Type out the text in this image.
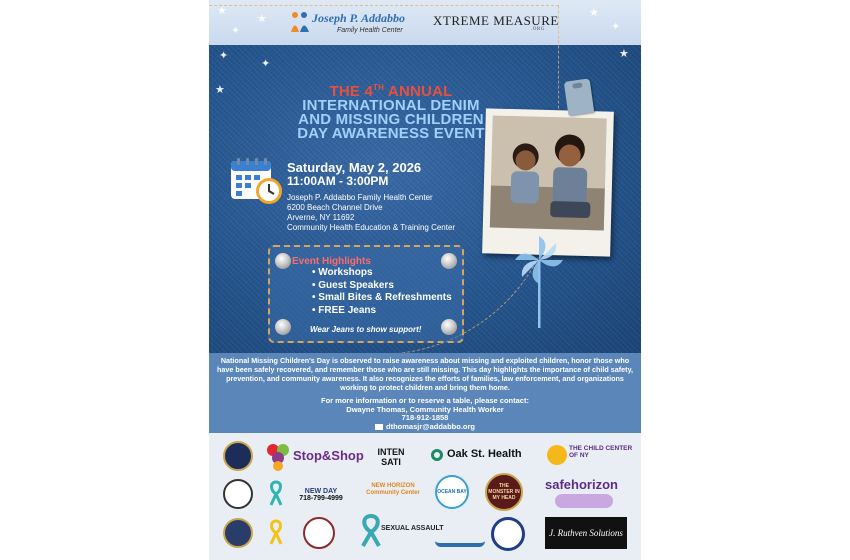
★
✦
★	★
✦
Joseph P. Addabbo
Family Health Center
XTREME MEASURE
.ORG
✦
✦
★
★
THE 4TH ANNUAL
INTERNATIONAL DENIM
AND MISSING CHILDREN
DAY AWARENESS EVENT
Saturday, May 2, 2026
11:00AM - 3:00PM
Joseph P. Addabbo Family Health Center
6200 Beach Channel Drive
Arverne, NY 11692
Community Health Education & Training Center
Event Highlights
• Workshops
• Guest Speakers
• Small Bites & Refreshments
• FREE Jeans
Wear Jeans to show support!

National Missing Children's Day is observed to raise awareness about missing and exploited children, honor those who have been safely recovered, and remember those who are still missing. This day highlights the importance of child safety, prevention, and community awareness. It also recognizes the efforts of families, law enforcement, and organizations working to protect children and bring them home.

For more information or to reserve a table, please contact:
Dwayne Thomas, Community Health Worker
718-912-1858
dthomasjr@addabbo.org
Stop&Shop	INTEN SATI
Oak St. Health	THE CHILD CENTER OF NY
NEW DAY
718-799-4999
NEW HORIZON Community Center	OCEAN BAY
THE MONSTER IN MY HEAD
safehorizon
SEXUAL ASSAULT	J. Ruthven Solutions
